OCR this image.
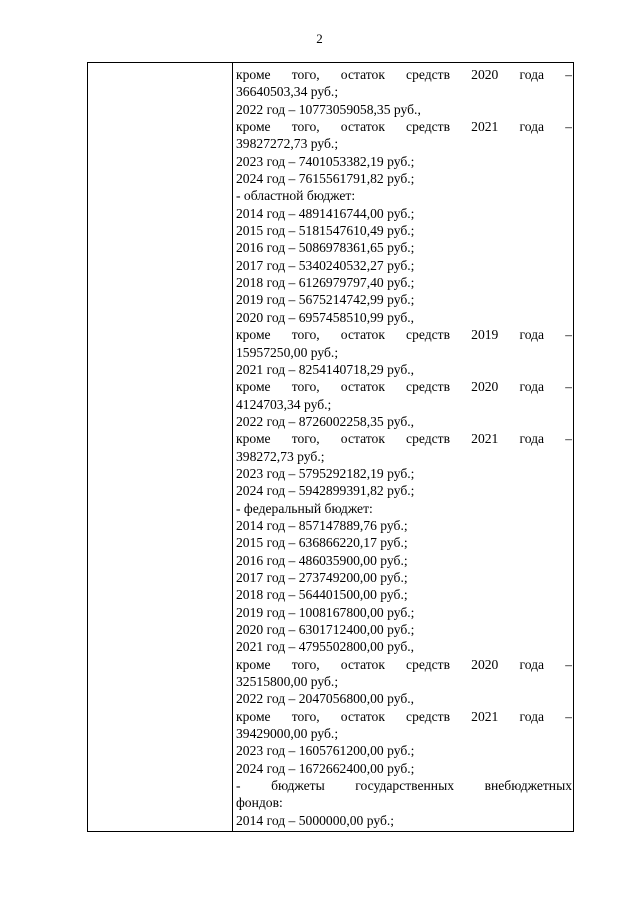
2
кроме того, остаток средств 2020 года –
36640503,34 руб.;
2022 год – 10773059058,35 руб.,
кроме того, остаток средств 2021 года –
39827272,73 руб.;
2023 год – 7401053382,19 руб.;
2024 год – 7615561791,82 руб.;
- областной бюджет:
2014 год – 4891416744,00 руб.;
2015 год – 5181547610,49 руб.;
2016 год – 5086978361,65 руб.;
2017 год – 5340240532,27 руб.;
2018 год – 6126979797,40 руб.;
2019 год – 5675214742,99 руб.;
2020 год – 6957458510,99 руб.,
кроме того, остаток средств 2019 года –
15957250,00 руб.;
2021 год – 8254140718,29 руб.,
кроме того, остаток средств 2020 года –
4124703,34 руб.;
2022 год – 8726002258,35 руб.,
кроме того, остаток средств 2021 года –
398272,73 руб.;
2023 год – 5795292182,19 руб.;
2024 год – 5942899391,82 руб.;
- федеральный бюджет:
2014 год – 857147889,76 руб.;
2015 год – 636866220,17 руб.;
2016 год – 486035900,00 руб.;
2017 год – 273749200,00 руб.;
2018 год – 564401500,00 руб.;
2019 год – 1008167800,00 руб.;
2020 год – 6301712400,00 руб.;
2021 год – 4795502800,00 руб.,
кроме того, остаток средств 2020 года –
32515800,00 руб.;
2022 год – 2047056800,00 руб.,
кроме того, остаток средств 2021 года –
39429000,00 руб.;
2023 год – 1605761200,00 руб.;
2024 год – 1672662400,00 руб.;
- бюджеты государственных внебюджетных
фондов:
2014 год – 5000000,00 руб.;
